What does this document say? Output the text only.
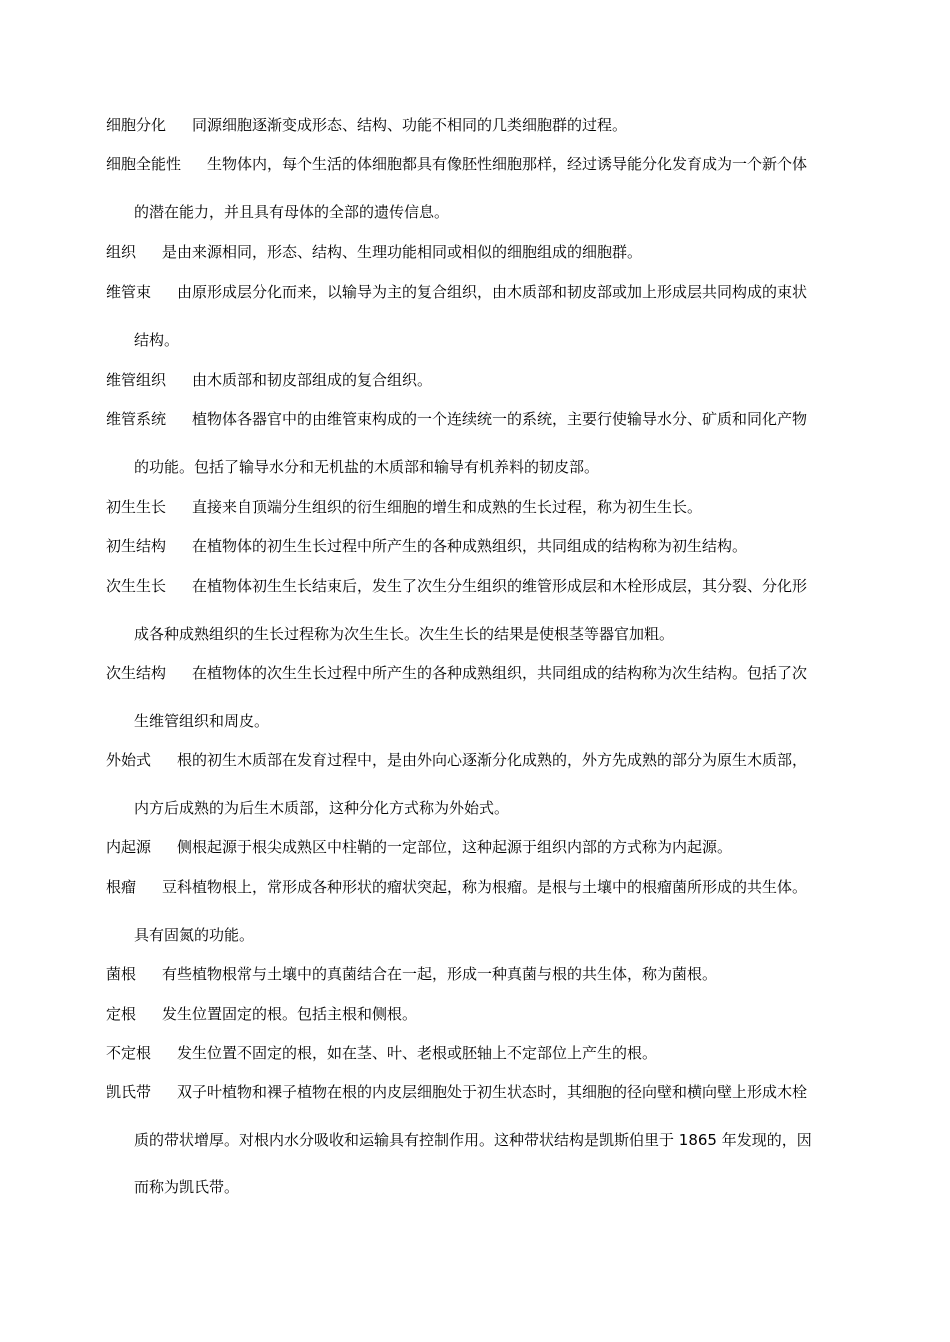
细胞分化 同源细胞逐渐变成形态、结构、功能不相同的几类细胞群的过程。
细胞全能性 生物体内，每个生活的体细胞都具有像胚性细胞那样，经过诱导能分化发育成为一个新个体
的潜在能力，并且具有母体的全部的遗传信息。
组织 是由来源相同，形态、结构、生理功能相同或相似的细胞组成的细胞群。
维管束 由原形成层分化而来，以输导为主的复合组织，由木质部和韧皮部或加上形成层共同构成的束状
结构。
维管组织 由木质部和韧皮部组成的复合组织。
维管系统 植物体各器官中的由维管束构成的一个连续统一的系统，主要行使输导水分、矿质和同化产物
的功能。包括了输导水分和无机盐的木质部和输导有机养料的韧皮部。
初生生长 直接来自顶端分生组织的衍生细胞的增生和成熟的生长过程，称为初生生长。
初生结构 在植物体的初生生长过程中所产生的各种成熟组织，共同组成的结构称为初生结构。
次生生长 在植物体初生生长结束后，发生了次生分生组织的维管形成层和木栓形成层，其分裂、分化形
成各种成熟组织的生长过程称为次生生长。次生生长的结果是使根茎等器官加粗。
次生结构 在植物体的次生生长过程中所产生的各种成熟组织，共同组成的结构称为次生结构。包括了次
生维管组织和周皮。
外始式 根的初生木质部在发育过程中，是由外向心逐渐分化成熟的，外方先成熟的部分为原生木质部，
内方后成熟的为后生木质部，这种分化方式称为外始式。
内起源 侧根起源于根尖成熟区中柱鞘的一定部位，这种起源于组织内部的方式称为内起源。
根瘤 豆科植物根上，常形成各种形状的瘤状突起，称为根瘤。是根与土壤中的根瘤菌所形成的共生体。
具有固氮的功能。
菌根 有些植物根常与土壤中的真菌结合在一起，形成一种真菌与根的共生体，称为菌根。
定根 发生位置固定的根。包括主根和侧根。
不定根 发生位置不固定的根，如在茎、叶、老根或胚轴上不定部位上产生的根。
凯氏带 双子叶植物和裸子植物在根的内皮层细胞处于初生状态时，其细胞的径向壁和横向壁上形成木栓
质的带状增厚。对根内水分吸收和运输具有控制作用。这种带状结构是凯斯伯里于 1865 年发现的，因
而称为凯氏带。
